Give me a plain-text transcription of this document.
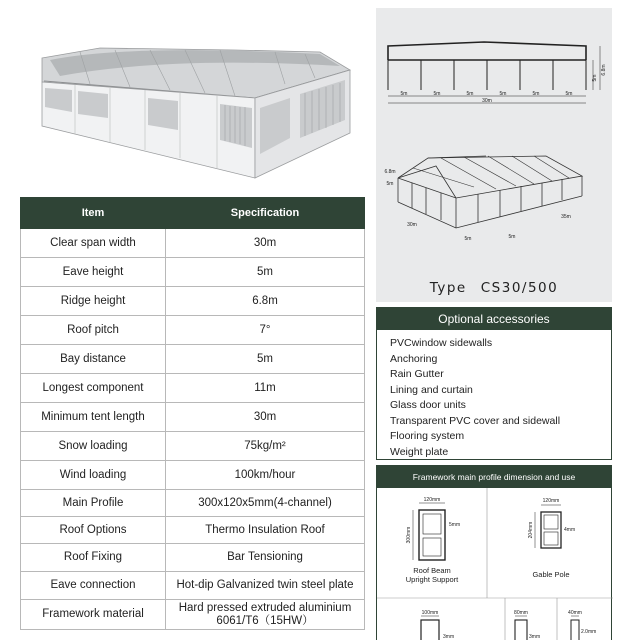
Item	Specification
Clear span width	30m
Eave height	5m
Ridge height	6.8m
Roof pitch	7°
Bay distance	5m
Longest component	11m
Minimum tent length	30m
Snow loading	75kg/m²
Wind loading	100km/hour
Main Profile	300x120x5mm(4-channel)
Roof Options	Thermo Insulation Roof
Roof Fixing	Bar Tensioning
Eave connection	Hot-dip Galvanized twin steel plate
Framework material	Hard pressed extruded aluminium 6061/T6（15HW）
5m	5m	5m	5m	5m	5m
30m
5m
6.8m
6.8m
5m
30m
35m
5m	5m
Type CS30/500
Optional accessories
PVCwindow sidewalls
Anchoring
Rain Gutter
Lining and curtain
Glass door units
Transparent PVC cover and sidewall
Flooring system
Weight plate
Framework main profile dimension and use
120mm
300mm
5mm
120mm
204mm	4mm
100mm
3mm
80mm
3mm
40mm
2.0mm
Roof Beam
Upright Support
Gable Pole
